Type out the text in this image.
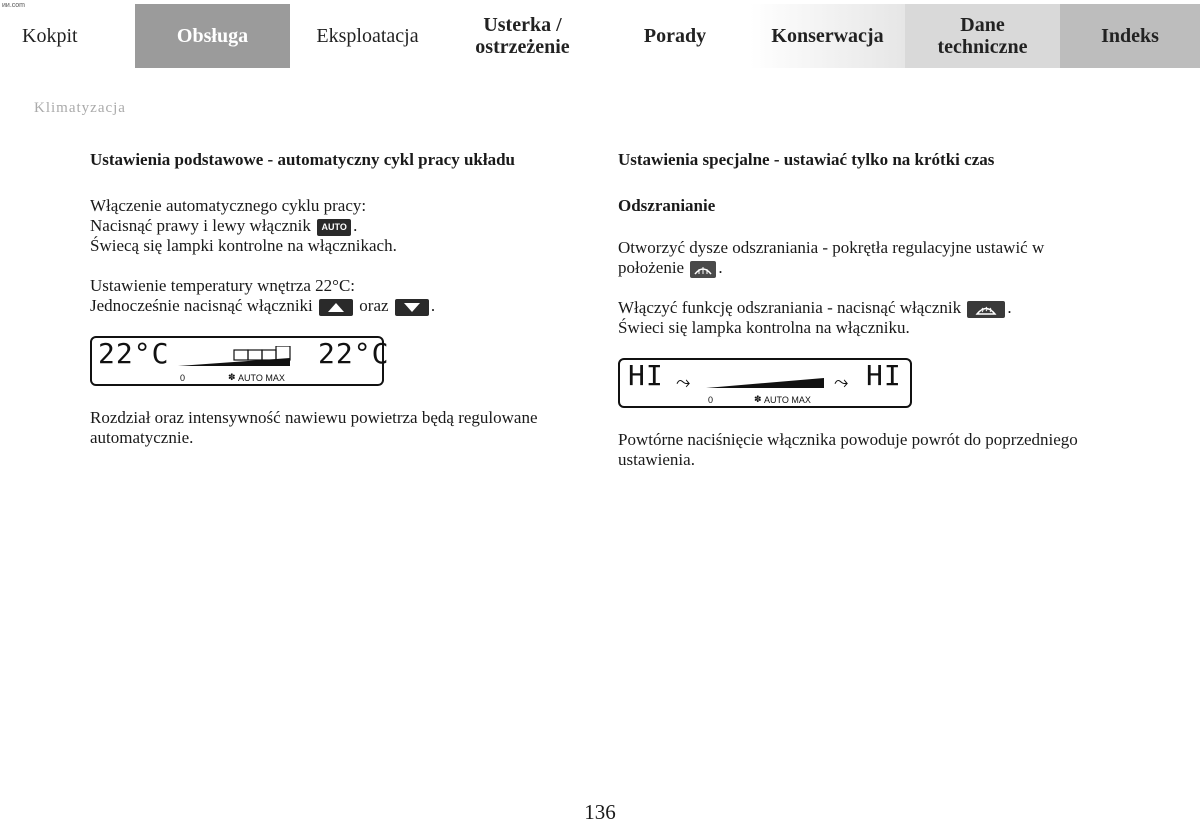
ии.com
Kokpit	Obsługa	Eksploatacja	Usterka /
ostrzeżenie	Porady	Konserwacja	Dane
techniczne	Indeks
Klimatyzacja
Ustawienia podstawowe - automatyczny cykl pracy układu

Włączenie automatycznego cyklu pracy:
Nacisnąć prawy i lewy włącznik AUTO .
Świecą się lampki kontrolne na włącznikach.

Ustawienie temperatury wnętrza 22°C:
Jednocześnie nacisnąć włączniki	oraz .

22°C
0	✽ AUTO MAX
22°C

Rozdział oraz intensywność nawiewu powietrza będą regulowane automatycznie.

Ustawienia specjalne - ustawiać tylko na krótki czas
Odszranianie

Otworzyć dysze odszraniania - pokrętła regulacyjne ustawić w położenie .

Włączyć funkcję odszraniania - nacisnąć włącznik	.
Świeci się lampka kontrolna na włączniku.

HI ⤳
0	✽ AUTO MAX
⤳ HI

Powtórne naciśnięcie włącznika powoduje powrót do poprzedniego ustawienia.

136
